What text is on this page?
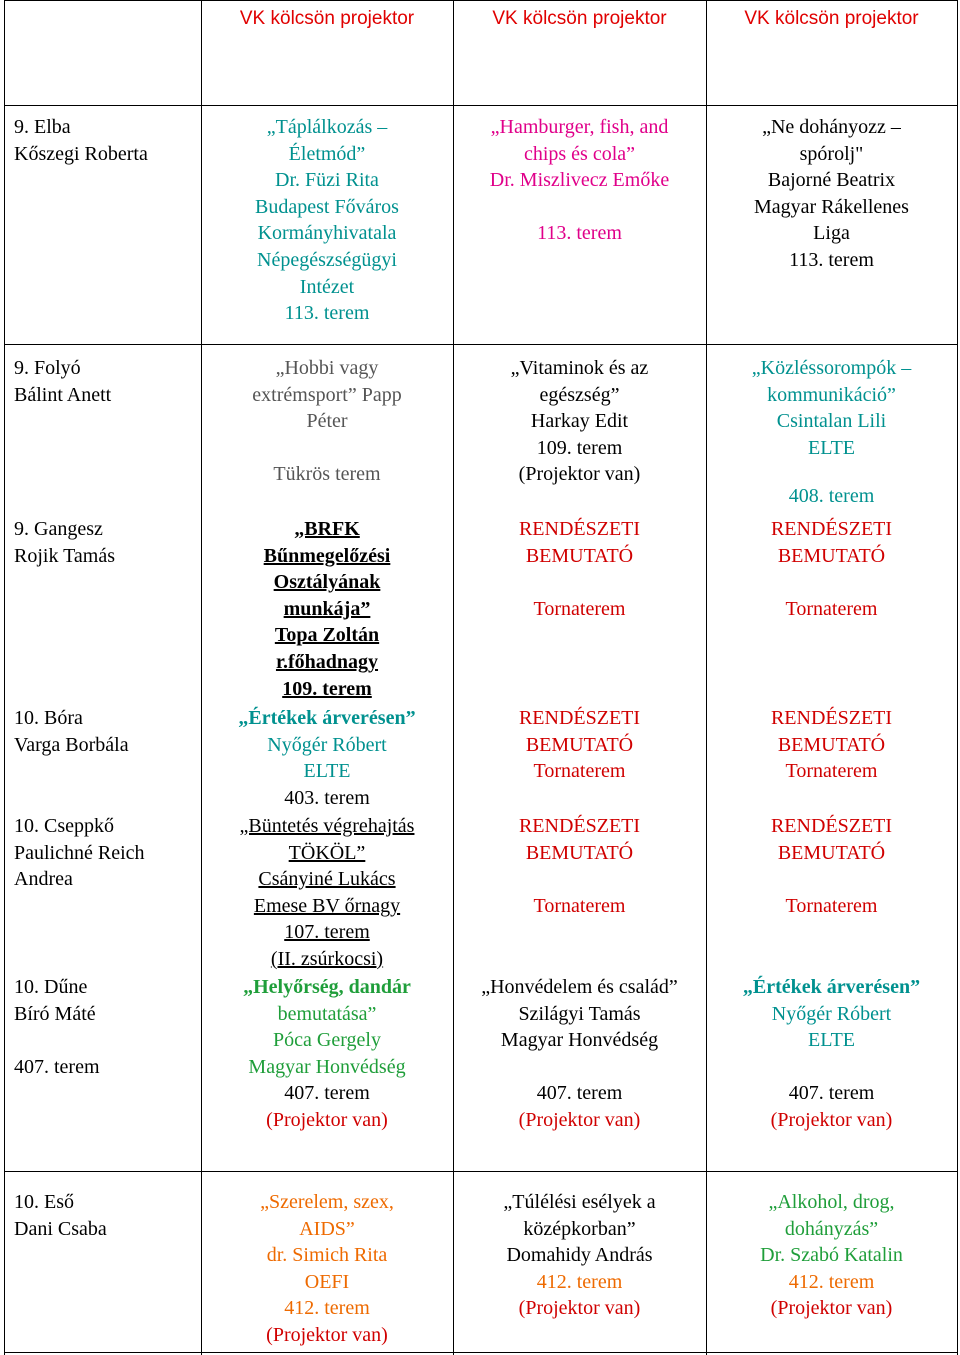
VK kölcsön projektor	VK kölcsön projektor	VK kölcsön projektor
9. Elba
Kőszegi Roberta
„Táplálkozás –
Életmód”
Dr. Füzi Rita
Budapest Főváros
Kormányhivatala
Népegészségügyi
Intézet
113. terem
„Hamburger, fish, and
chips és cola”
Dr. Miszlivecz Emőke
113. terem
„Ne dohányozz –
spórolj"
Bajorné Beatrix
Magyar Rákellenes
Liga
113. terem
9. Folyó
Bálint Anett
„Hobbi vagy
extrémsport” Papp
Péter
Tükrös terem
„Vitaminok és az
egészség”
Harkay Edit
109. terem
(Projektor van)
„Közléssorompók –
kommunikáció”
Csintalan Lili
ELTE
408. terem
9. Gangesz
Rojik Tamás
„BRFK
Bűnmegelőzési
Osztályának
munkája”
Topa Zoltán
r.főhadnagy
109. terem
RENDÉSZETI
BEMUTATÓ
Tornaterem
RENDÉSZETI
BEMUTATÓ
Tornaterem
10. Bóra
Varga Borbála
„Értékek árverésen”
Nyőgér Róbert
ELTE
403. terem
RENDÉSZETI
BEMUTATÓ
Tornaterem
RENDÉSZETI
BEMUTATÓ
Tornaterem
10. Cseppkő
Paulichné Reich
Andrea
„Büntetés végrehajtás
TÖKÖL”
Csányiné Lukács
Emese BV őrnagy
107. terem
(II. zsúrkocsi)
RENDÉSZETI
BEMUTATÓ
Tornaterem
RENDÉSZETI
BEMUTATÓ
Tornaterem
10. Dűne
Bíró Máté
407. terem
„Helyőrség, dandár
bemutatása”
Póca Gergely
Magyar Honvédség
407. terem
(Projektor van)
„Honvédelem és család”
Szilágyi Tamás
Magyar Honvédség
407. terem
(Projektor van)
„Értékek árverésen”
Nyőgér Róbert
ELTE
407. terem
(Projektor van)
10. Eső
Dani Csaba
„Szerelem, szex,
AIDS”
dr. Simich Rita
OEFI
412. terem
(Projektor van)
„Túlélési esélyek a
középkorban”
Domahidy András
412. terem
(Projektor van)
„Alkohol, drog,
dohányzás”
Dr. Szabó Katalin
412. terem
(Projektor van)
